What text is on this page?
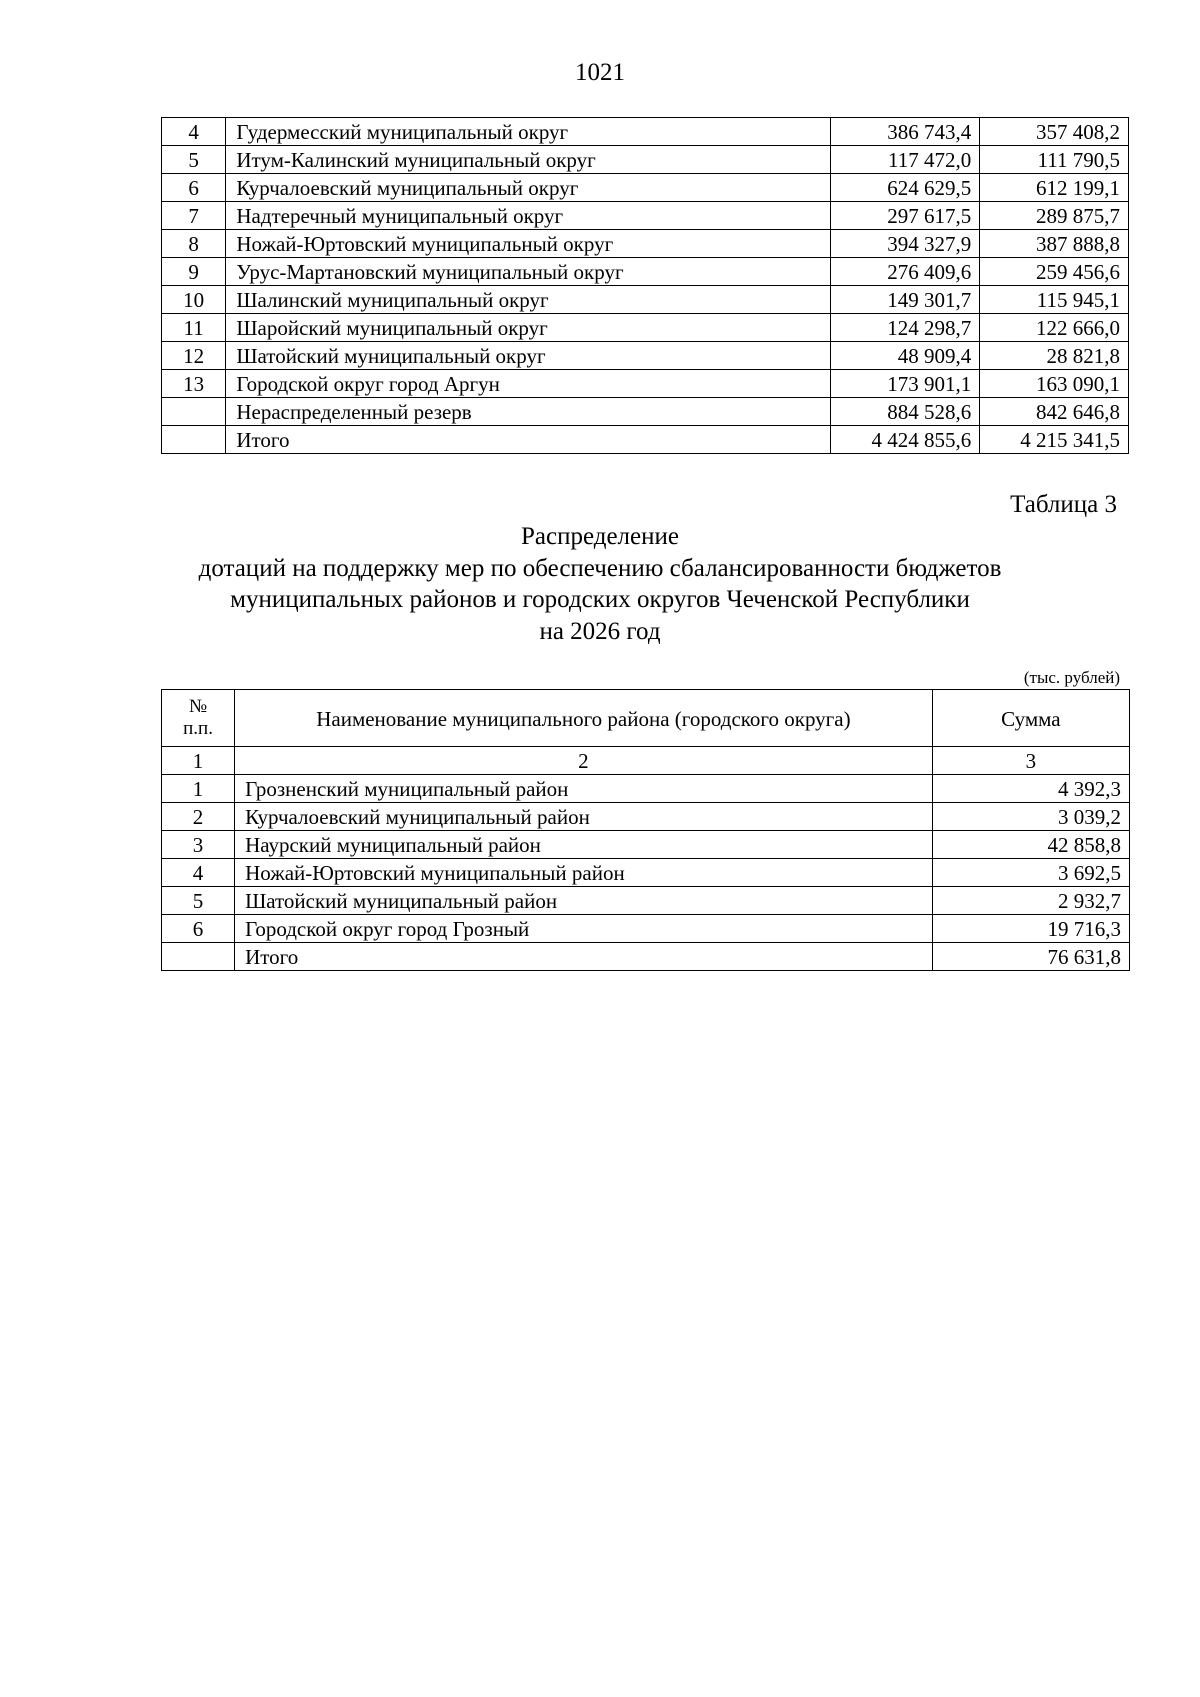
1021
4	Гудермесский муниципальный округ	386 743,4	357 408,2
5	Итум-Калинский муниципальный округ	117 472,0	111 790,5
6	Курчалоевский муниципальный округ	624 629,5	612 199,1
7	Надтеречный муниципальный округ	297 617,5	289 875,7
8	Ножай-Юртовский муниципальный округ	394 327,9	387 888,8
9	Урус-Мартановский муниципальный округ	276 409,6	259 456,6
10	Шалинский муниципальный округ	149 301,7	115 945,1
11	Шаройский муниципальный округ	124 298,7	122 666,0
12	Шатойский муниципальный округ	48 909,4	28 821,8
13	Городской округ город Аргун	173 901,1	163 090,1
	Нераспределенный резерв	884 528,6	842 646,8
	Итого	4 424 855,6	4 215 341,5
Таблица 3
Распределение
дотаций на поддержку мер по обеспечению сбалансированности бюджетов
муниципальных районов и городских округов Чеченской Республики
на 2026 год
(тыс. рублей)
№
п.п.	Наименование муниципального района (городского округа)	Сумма
1	2	3
1	Грозненский муниципальный район	4 392,3
2	Курчалоевский муниципальный район	3 039,2
3	Наурский муниципальный район	42 858,8
4	Ножай-Юртовский муниципальный район	3 692,5
5	Шатойский муниципальный район	2 932,7
6	Городской округ город Грозный	19 716,3
	Итого	76 631,8
